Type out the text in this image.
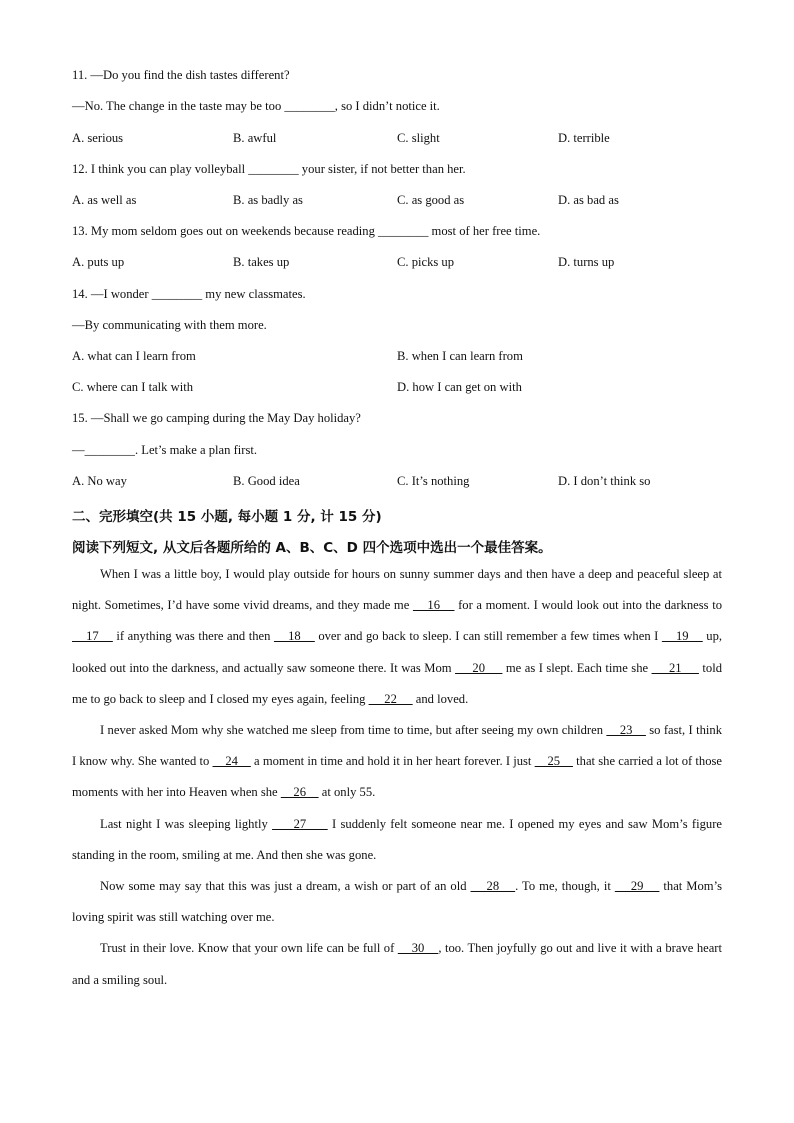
11. —Do you find the dish tastes different?
—No. The change in the taste may be too ________, so I didn’t notice it.
A. serious	B. awful	C. slight	D. terrible
12. I think you can play volleyball ________ your sister, if not better than her.
A. as well as	B. as badly as	C. as good as	D. as bad as
13. My mom seldom goes out on weekends because reading ________ most of her free time.
A. puts up	B. takes up	C. picks up	D. turns up
14. —I wonder ________ my new classmates.
—By communicating with them more.
A. what can I learn from	B. when I can learn from
C. where can I talk with	D. how I can get on with
15. —Shall we go camping during the May Day holiday?
—________. Let’s make a plan first.
A. No way	B. Good idea	C. It’s nothing	D. I don’t think so
二、完形填空(共 15 小题, 每小题 1 分, 计 15 分)
阅读下列短文, 从文后各题所给的 A、B、C、D 四个选项中选出一个最佳答案。

When I was a little boy, I would play outside for hours on sunny summer days and then have a deep and peaceful sleep at night. Sometimes, I’d have some vivid dreams, and they made me     16     for a moment. I would look out into the darkness to     17     if anything was there and then     18     over and go back to sleep. I can still remember a few times when I     19     up, looked out into the darkness, and actually saw someone there. It was Mom      20      me as I slept. Each time she      21      told me to go back to sleep and I closed my eyes again, feeling      22      and loved.

I never asked Mom why she watched me sleep from time to time, but after seeing my own children     23     so fast, I think I know why. She wanted to     24     a moment in time and hold it in her heart forever. I just     25     that she carried a lot of those moments with her into Heaven when she     26     at only 55.

Last night I was sleeping lightly      27      I suddenly felt someone near me. I opened my eyes and saw Mom’s figure standing in the room, smiling at me. And then she was gone.

Now some may say that this was just a dream, a wish or part of an old     28    . To me, though, it     29     that Mom’s loving spirit was still watching over me.

Trust in their love. Know that your own life can be full of     30    , too. Then joyfully go out and live it with a brave heart and a smiling soul.
